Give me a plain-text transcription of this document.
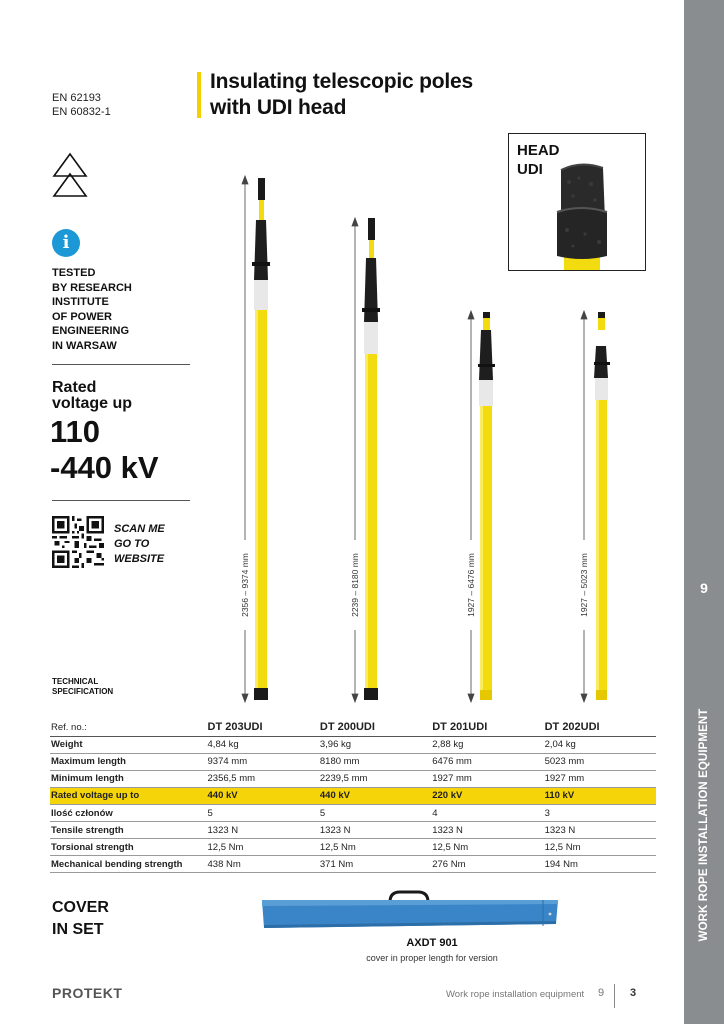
9
WORK ROPE INSTALLATION EQUIPMENT
EN 62193
EN 60832-1
Insulating telescopic poles
with UDI head
i
TESTED
BY RESEARCH
INSTITUTE
OF POWER
ENGINEERING
IN WARSAW
Rated
voltage up
110
-440 kV
SCAN ME
GO TO
WEBSITE
HEAD
UDI
2356 – 9374 mm	2239 – 8180 mm	1927 – 6476 mm	1927 – 5023 mm
TECHNICAL
SPECIFICATION
Ref. no.:	DT 203UDI	DT 200UDI	DT 201UDI	DT 202UDI
Weight	4,84 kg	3,96 kg	2,88 kg	2,04 kg
Maximum length	9374 mm	8180 mm	6476 mm	5023 mm
Minimum length	2356,5 mm	2239,5 mm	1927 mm	1927 mm
Rated voltage up to	440 kV	440 kV	220 kV	110 kV
Ilość członów	5	5	4	3
Tensile strength	1323 N	1323 N	1323 N	1323 N
Torsional strength	12,5 Nm	12,5 Nm	12,5 Nm	12,5 Nm
Mechanical bending strength	438 Nm	371 Nm	276 Nm	194 Nm
COVER
IN SET
AXDT 901
cover in proper length for version
PROTEKT	Work rope installation equipment 9 3
